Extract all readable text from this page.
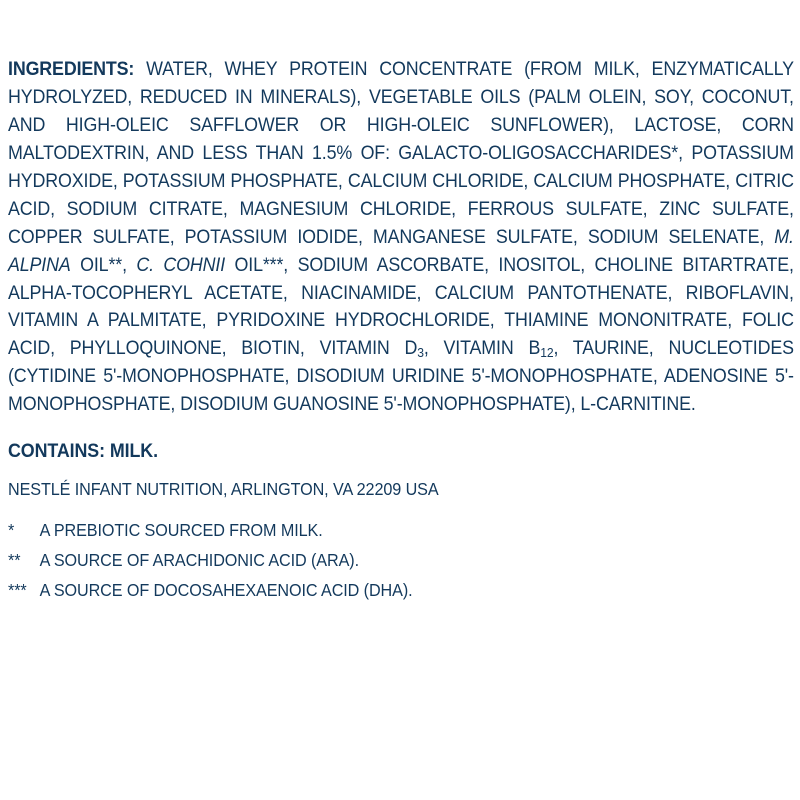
INGREDIENTS: WATER, WHEY PROTEIN CONCENTRATE (FROM MILK, ENZYMATICALLY HYDROLYZED, REDUCED IN MINERALS), VEGETABLE OILS (PALM OLEIN, SOY, COCONUT, AND HIGH-OLEIC SAFFLOWER OR HIGH-OLEIC SUNFLOWER), LACTOSE, CORN MALTODEXTRIN, AND LESS THAN 1.5% OF: GALACTO-OLIGOSACCHARIDES*, POTASSIUM HYDROXIDE, POTASSIUM PHOSPHATE, CALCIUM CHLORIDE, CALCIUM PHOSPHATE, CITRIC ACID, SODIUM CITRATE, MAGNESIUM CHLORIDE, FERROUS SULFATE, ZINC SULFATE, COPPER SULFATE, POTASSIUM IODIDE, MANGANESE SULFATE, SODIUM SELENATE, M. ALPINA OIL**, C. COHNII OIL***, SODIUM ASCORBATE, INOSITOL, CHOLINE BITARTRATE, ALPHA-TOCOPHERYL ACETATE, NIACINAMIDE, CALCIUM PANTOTHENATE, RIBOFLAVIN, VITAMIN A PALMITATE, PYRIDOXINE HYDROCHLORIDE, THIAMINE MONONITRATE, FOLIC ACID, PHYLLOQUINONE, BIOTIN, VITAMIN $D_3$, VITAMIN $B_{12}$, TAURINE, NUCLEOTIDES (CYTIDINE 5'-MONOPHOSPHATE, DISODIUM URIDINE 5'-MONOPHOSPHATE, ADENOSINE 5'-MONOPHOSPHATE, DISODIUM GUANOSINE 5'-MONOPHOSPHATE), L-CARNITINE.
CONTAINS: MILK.
NESTLÉ INFANT NUTRITION, ARLINGTON, VA 22209 USA
*	A PREBIOTIC SOURCED FROM MILK.
**	A SOURCE OF ARACHIDONIC ACID (ARA).
*** A SOURCE OF DOCOSAHEXAENOIC ACID (DHA).
